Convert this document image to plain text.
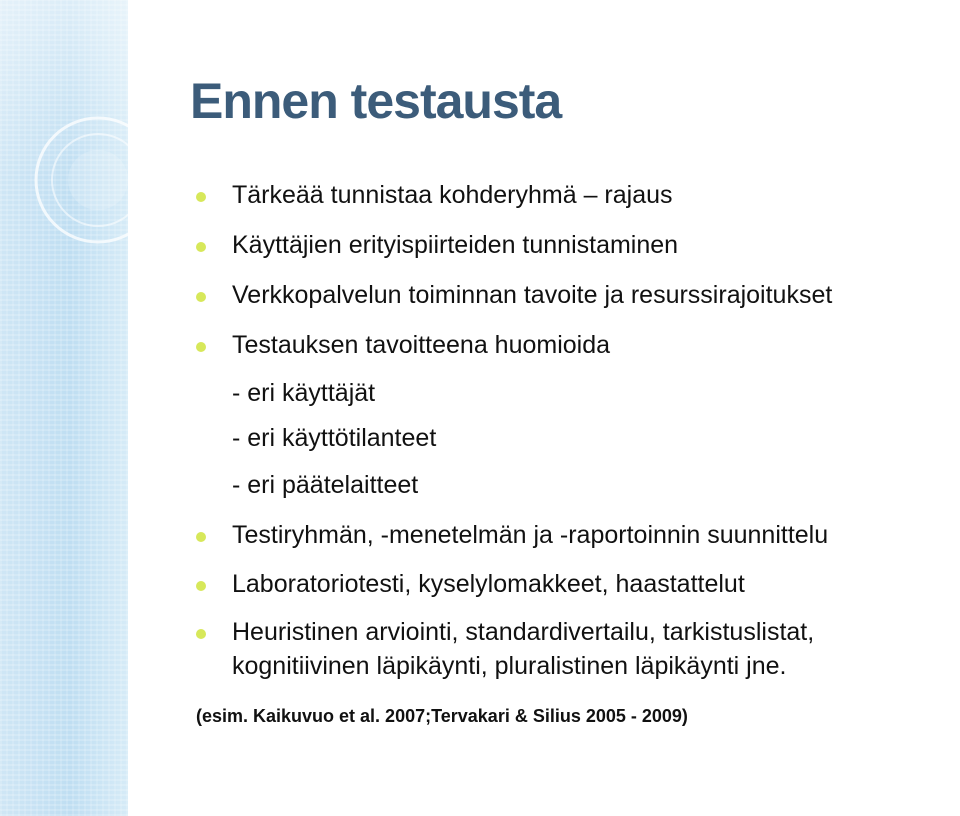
Ennen testausta
Tärkeää tunnistaa kohderyhmä – rajaus
Käyttäjien erityispiirteiden tunnistaminen
Verkkopalvelun toiminnan tavoite ja resurssirajoitukset
Testauksen tavoitteena huomioida
- eri käyttäjät
- eri käyttötilanteet
- eri päätelaitteet
Testiryhmän, -menetelmän ja -raportoinnin suunnittelu
Laboratoriotesti, kyselylomakkeet, haastattelut
Heuristinen arviointi, standardivertailu, tarkistuslistat,
kognitiivinen läpikäynti, pluralistinen läpikäynti jne.
(esim. Kaikuvuo et al. 2007;Tervakari & Silius 2005 - 2009)
